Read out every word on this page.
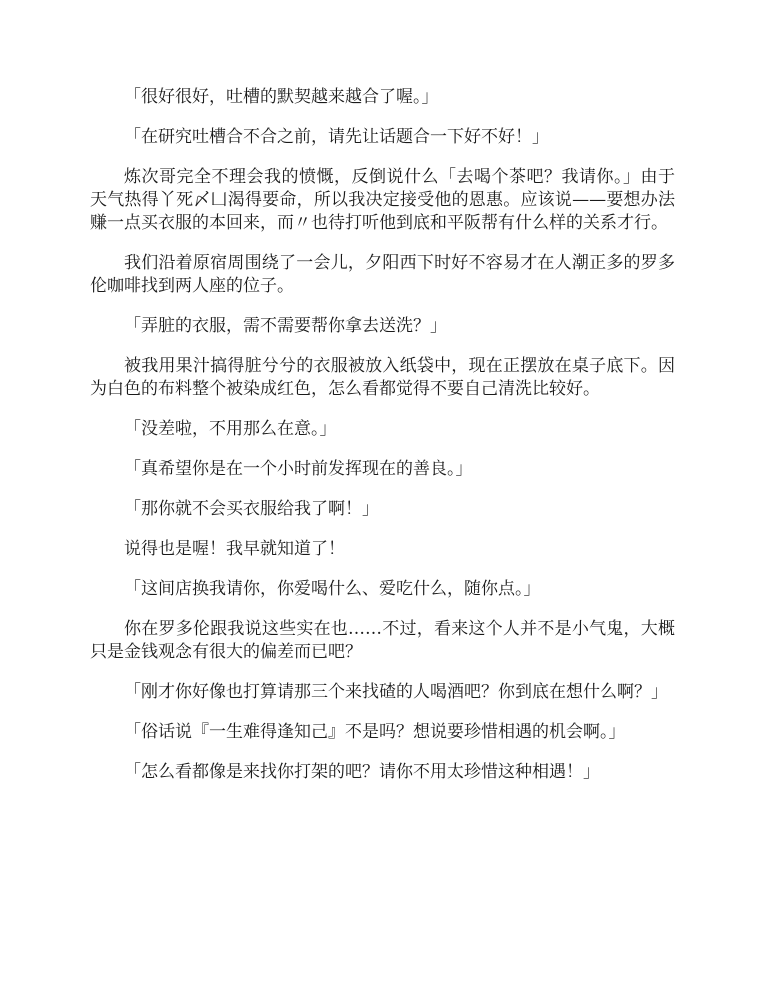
「很好很好，吐槽的默契越来越合了喔。」

「在研究吐槽合不合之前，请先让话题合一下好不好！」

炼次哥完全不理会我的愤慨，反倒说什么「去喝个茶吧？我请你。」由于天气热得丫死〆凵渴得要命，所以我决定接受他的恩惠。应该说——要想办法赚一点买衣服的本回来，而〃也待打听他到底和平阪帮有什么样的关系才行。

我们沿着原宿周围绕了一会儿，夕阳西下时好不容易才在人潮正多的罗多伦咖啡找到两人座的位子。

「弄脏的衣服，需不需要帮你拿去送洗？」

被我用果汁搞得脏兮兮的衣服被放入纸袋中，现在正摆放在桌子底下。因为白色的布料整个被染成红色，怎么看都觉得不要自己清洗比较好。

「没差啦，不用那么在意。」

「真希望你是在一个小时前发挥现在的善良。」

「那你就不会买衣服给我了啊！」

说得也是喔！我早就知道了！

「这间店换我请你，你爱喝什么、爱吃什么，随你点。」

你在罗多伦跟我说这些实在也……不过，看来这个人并不是小气鬼，大概只是金钱观念有很大的偏差而已吧？

「刚才你好像也打算请那三个来找碴的人喝酒吧？你到底在想什么啊？」

「俗话说『一生难得逢知己』不是吗？想说要珍惜相遇的机会啊。」

「怎么看都像是来找你打架的吧？请你不用太珍惜这种相遇！」
